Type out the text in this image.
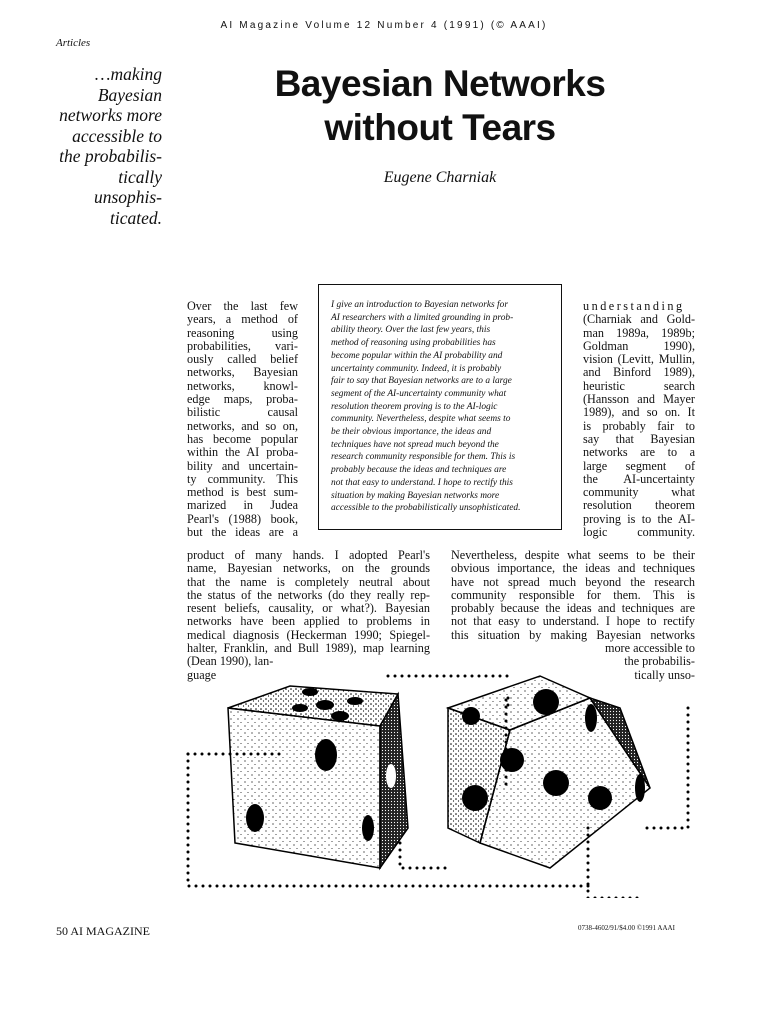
AI Magazine Volume 12 Number 4 (1991) (© AAAI)
Articles
…making
Bayesian
networks more
accessible to
the probabilis-
tically
unsophis-
ticated.
Bayesian Networks
without Tears
Eugene Charniak
I give an introduction to Bayesian networks for
AI researchers with a limited grounding in prob-
ability theory. Over the last few years, this
method of reasoning using probabilities has
become popular within the AI probability and
uncertainty community. Indeed, it is probably
fair to say that Bayesian networks are to a large
segment of the AI-uncertainty community what
resolution theorem proving is to the AI-logic
community. Nevertheless, despite what seems to
be their obvious importance, the ideas and
techniques have not spread much beyond the
research community responsible for them. This is
probably because the ideas and techniques are
not that easy to understand. I hope to rectify this
situation by making Bayesian networks more
accessible to the probabilistically unsophisticated.
Over the last few
years, a method of
reasoning using
probabilities, vari-
ously called belief
networks, Bayesian
networks, knowl-
edge maps, proba-
bilistic causal
networks, and so on,
has become popular
within the AI proba-
bility and uncertain-
ty community. This
method is best sum-
marized in Judea
Pearl's (1988) book,
but the ideas are a
understanding
(Charniak and Gold-
man 1989a, 1989b;
Goldman 1990),
vision (Levitt, Mullin,
and Binford 1989),
heuristic search
(Hansson and Mayer
1989), and so on. It
is probably fair to
say that Bayesian
networks are to a
large segment of
the AI-uncertainty
community what
resolution theorem
proving is to the AI-
logic community.
product of many hands. I adopted Pearl's
name, Bayesian networks, on the grounds
that the name is completely neutral about
the status of the networks (do they really rep-
resent beliefs, causality, or what?). Bayesian
networks have been applied to problems in
medical diagnosis (Heckerman 1990; Spiegel-
halter, Franklin, and Bull 1989), map learning
(Dean 1990), lan-
guage
Nevertheless, despite what seems to be their
obvious importance, the ideas and techniques
have not spread much beyond the research
community responsible for them. This is
probably because the ideas and techniques are
not that easy to understand. I hope to rectify
this situation by making Bayesian networks
more accessible to
the probabilis-
tically unso-
50 AI MAGAZINE	0738-4602/91/$4.00 ©1991 AAAI
